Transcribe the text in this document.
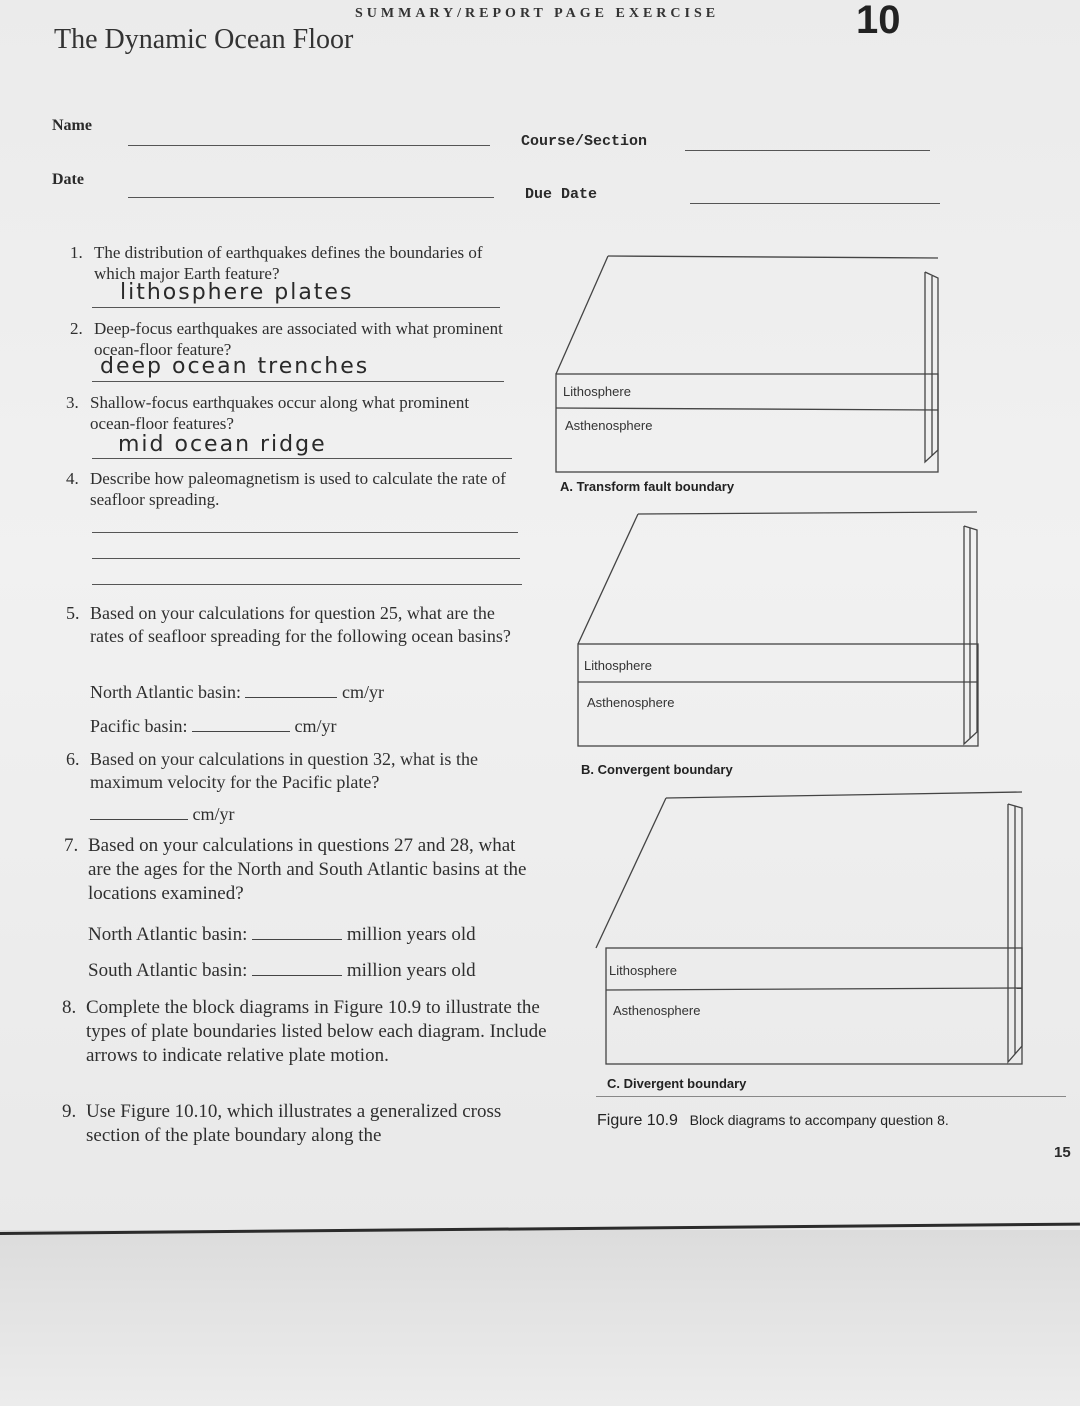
SUMMARY/REPORT PAGE EXERCISE	10
The Dynamic Ocean Floor
Name
Course/Section
Date
Due Date
1. The distribution of earthquakes defines the boundaries of which major Earth feature?
lithosphere plates
2. Deep-focus earthquakes are associated with what prominent ocean-floor feature?
deep ocean trenches
3. Shallow-focus earthquakes occur along what prominent ocean-floor features?
mid ocean ridge
4. Describe how paleomagnetism is used to calculate the rate of seafloor spreading.
5. Based on your calculations for question 25, what are the rates of seafloor spreading for the following ocean basins?
North Atlantic basin:	cm/yr
Pacific basin:	cm/yr
6. Based on your calculations in question 32, what is the maximum velocity for the Pacific plate?
cm/yr
7. Based on your calculations in questions 27 and 28, what are the ages for the North and South Atlantic basins at the locations examined?
North Atlantic basin:	million years old
South Atlantic basin:	million years old
8. Complete the block diagrams in Figure 10.9 to illustrate the types of plate boundaries listed below each diagram. Include arrows to indicate relative plate motion.
9. Use Figure 10.10, which illustrates a generalized cross section of the plate boundary along the
Lithosphere
Asthenosphere
A. Transform fault boundary
Lithosphere
Asthenosphere
B. Convergent boundary
Lithosphere
Asthenosphere
C. Divergent boundary
Figure 10.9 Block diagrams to accompany question 8.
15
